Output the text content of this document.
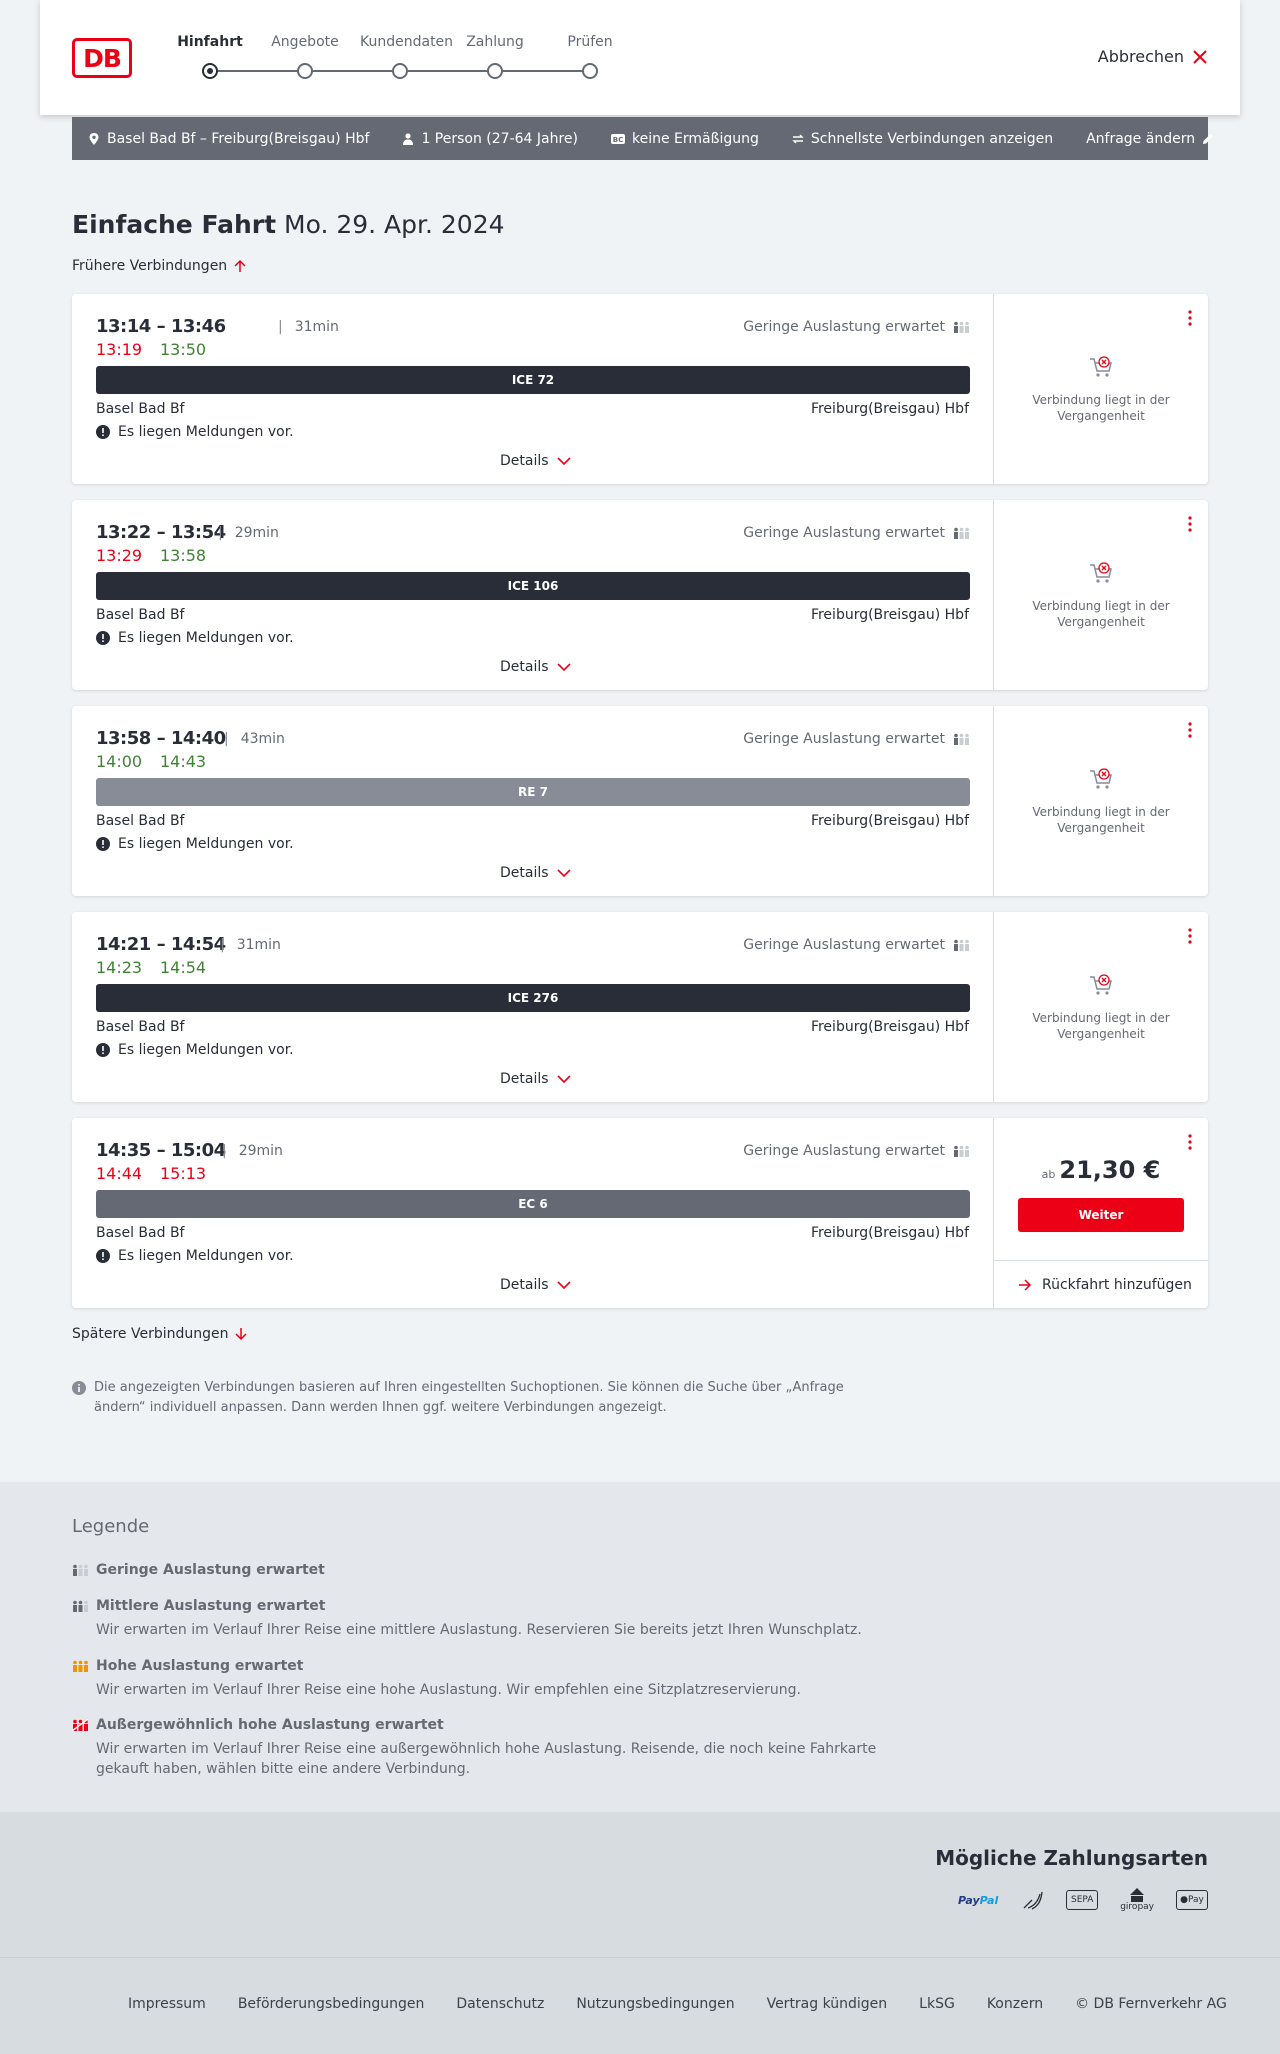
DB
Hinfahrt	Angebote	Kundendaten Zahlung	Prüfen
Abbrechen
Basel Bad Bf – Freiburg(Breisgau) Hbf	1 Person (27-64 Jahre)	BC keine Ermäßigung	Schnellste Verbindungen anzeigen Anfrage ändern
Einfache Fahrt Mo. 29. Apr. 2024
Frühere Verbindungen
13:14 – 13:46	| 31min
13:19 13:50
Geringe Auslastung erwartet
ICE 72
Basel Bad Bf	Freiburg(Breisgau) Hbf
Es liegen Meldungen vor.
Details
Verbindung liegt in der Vergangenheit
13:22 – 13:54 | 29min
13:29 13:58
Geringe Auslastung erwartet
ICE 106
Basel Bad Bf	Freiburg(Breisgau) Hbf
Es liegen Meldungen vor.
Details
Verbindung liegt in der Vergangenheit
13:58 – 14:40	| 43min
14:00 14:43
Geringe Auslastung erwartet
RE 7
Basel Bad Bf	Freiburg(Breisgau) Hbf
Es liegen Meldungen vor.
Details
Verbindung liegt in der Vergangenheit
14:21 – 14:54 | 31min
14:23 14:54
Geringe Auslastung erwartet
ICE 276
Basel Bad Bf	Freiburg(Breisgau) Hbf
Es liegen Meldungen vor.
Details
Verbindung liegt in der Vergangenheit
14:35 – 15:04 | 29min
14:44 15:13
Geringe Auslastung erwartet
EC 6
Basel Bad Bf	Freiburg(Breisgau) Hbf
Es liegen Meldungen vor.
Details
ab 21,30 €
Weiter
Rückfahrt hinzufügen
Spätere Verbindungen
Die angezeigten Verbindungen basieren auf Ihren eingestellten Suchoptionen. Sie können die Suche über „Anfrage ändern“ individuell anpassen. Dann werden Ihnen ggf. weitere Verbindungen angezeigt.
Legende
Geringe Auslastung erwartet
Mittlere Auslastung erwartet
Wir erwarten im Verlauf Ihrer Reise eine mittlere Auslastung. Reservieren Sie bereits jetzt Ihren Wunschplatz.
Hohe Auslastung erwartet
Wir erwarten im Verlauf Ihrer Reise eine hohe Auslastung. Wir empfehlen eine Sitzplatzreservierung.
Außergewöhnlich hohe Auslastung erwartet
Wir erwarten im Verlauf Ihrer Reise eine außergewöhnlich hohe Auslastung. Reisende, die noch keine Fahrkarte gekauft haben, wählen bitte eine andere Verbindung.
Mögliche Zahlungsarten
Pay Pal	SEPA
giropay
● Pay
Impressum Beförderungsbedingungen Datenschutz Nutzungsbedingungen Vertrag kündigen LkSG Konzern © DB Fernverkehr AG
